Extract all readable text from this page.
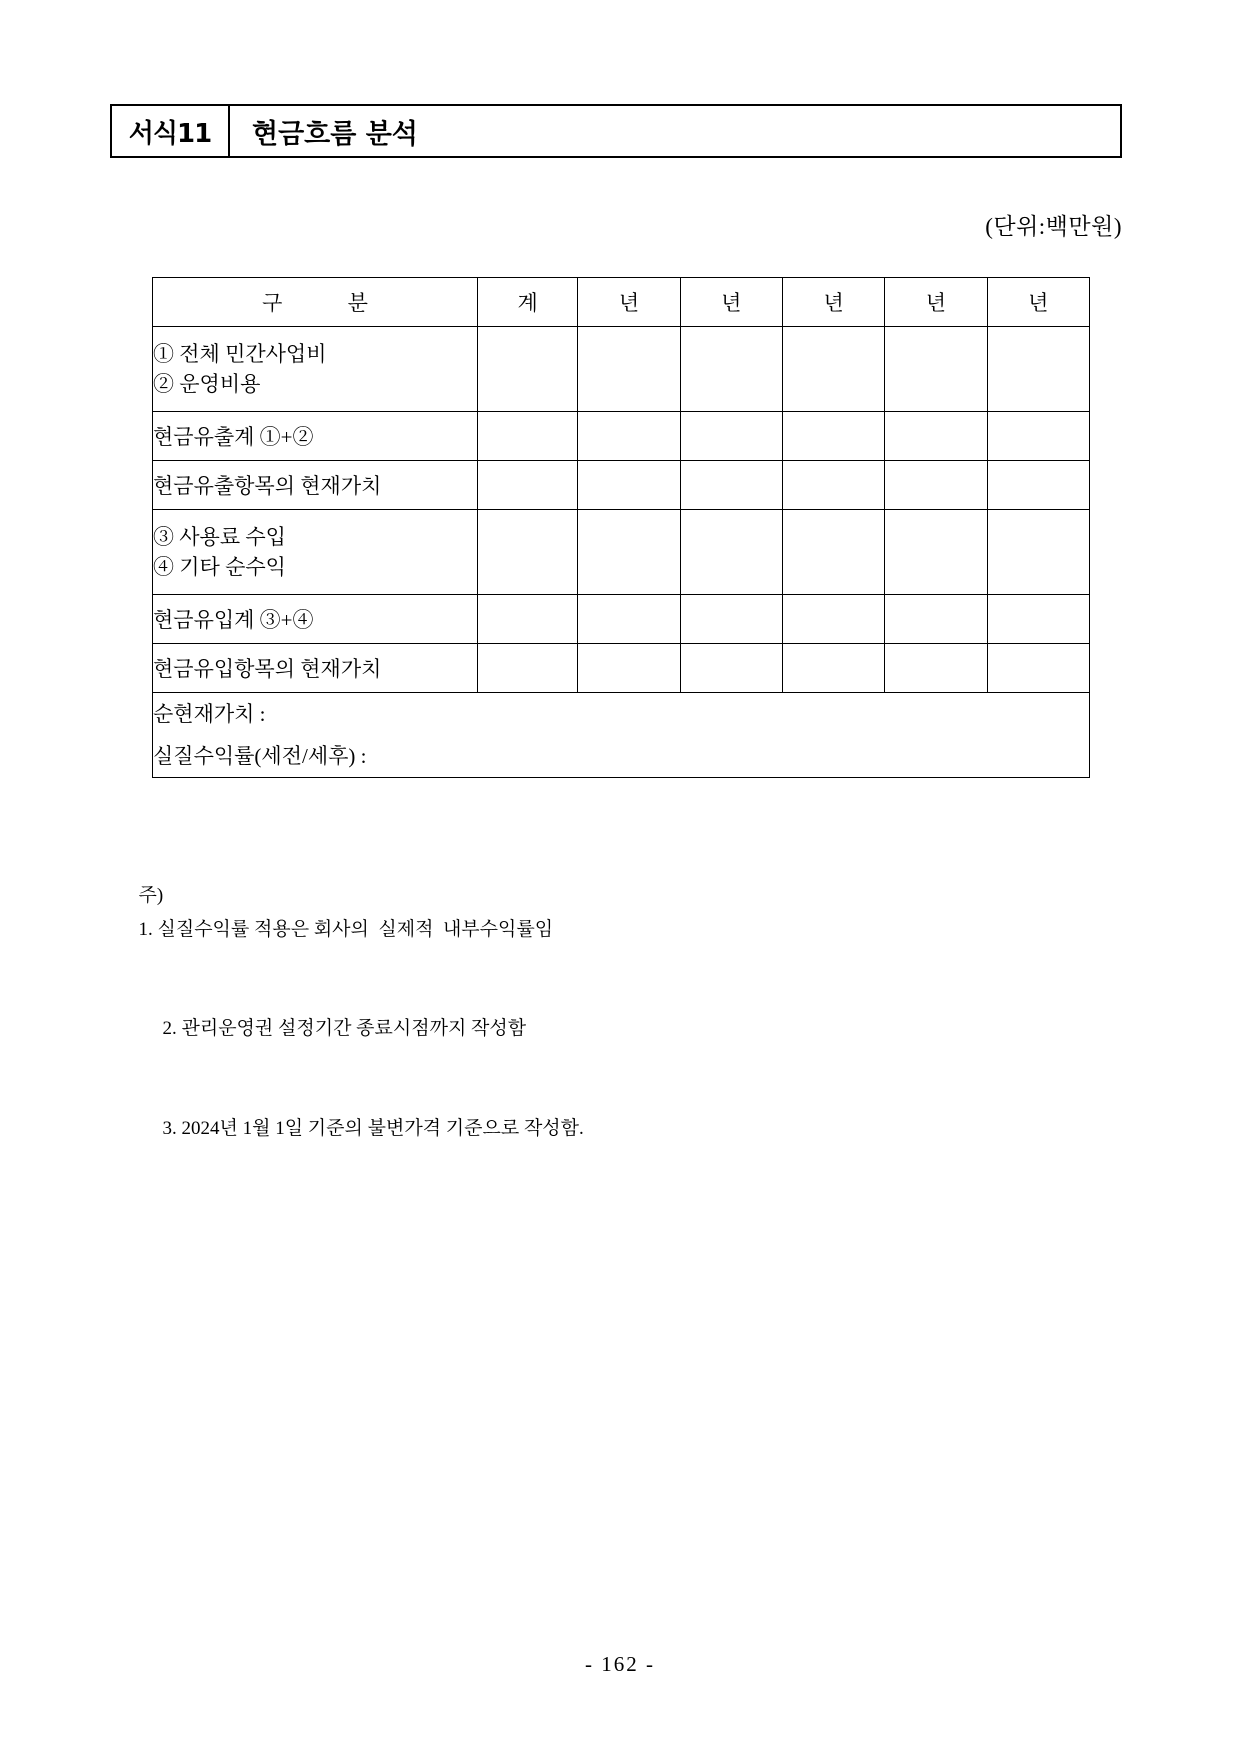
서식11 현금흐름 분석
(단위:백만원)
구 분	계	년	년	년	년	년

① 전체 민간사업비
② 운영비용						

현금유출계 ①+②						
현금유출항목의 현재가치						

③ 사용료 수입
④ 기타 순수익						

현금유입계 ③+④						
현금유입항목의 현재가치						

순현재가치 :
실질수익률(세전/세후) :						

주)
1. 실질수익률 적용은 회사의  실제적  내부수익률임

2. 관리운영권 설정기간 종료시점까지 작성함

3. 2024년 1월 1일 기준의 불변가격 기준으로 작성함.

- 162 -
